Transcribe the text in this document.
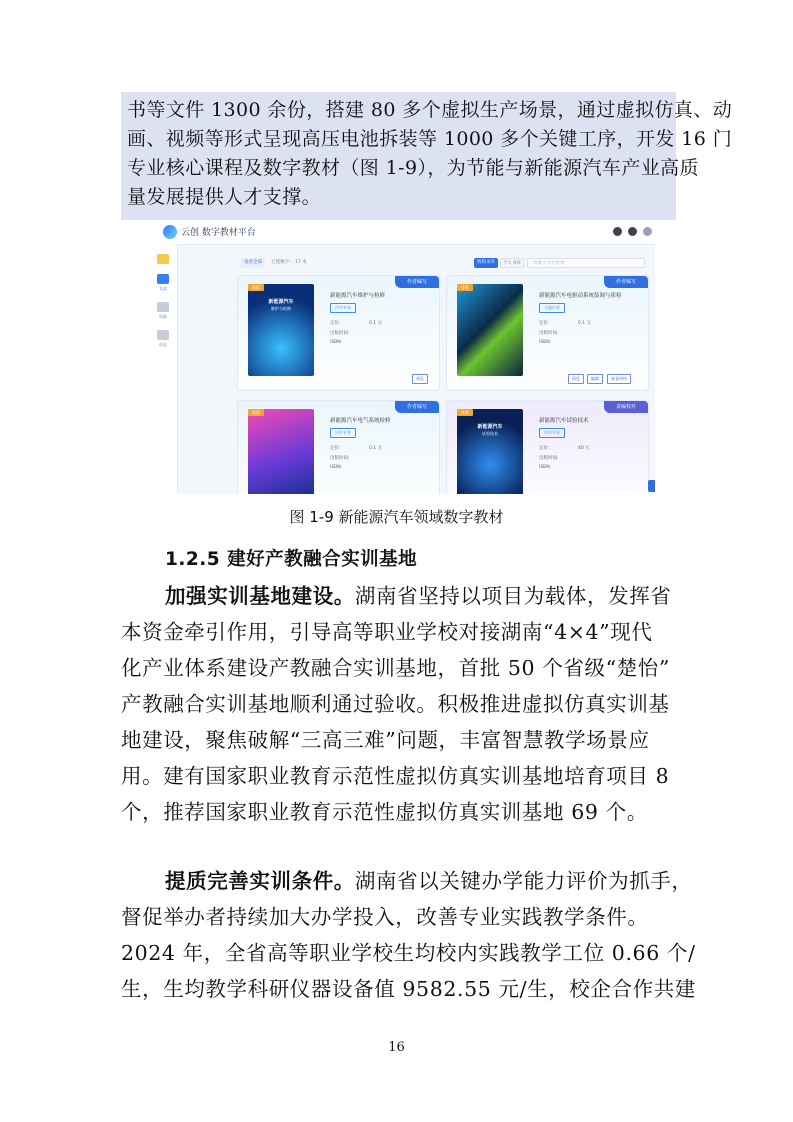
书等文件 1300 余份，搭建 80 多个虚拟生产场景，通过虚拟仿真、动
画、视频等形式呈现高压电池拆装等 1000 多个关键工序，开发 16 门
专业核心课程及数字教材（图 1-9），为节能与新能源汽车产业高质
量发展提供人才支撑。
云创 数字教材平台
书架
资源
动态
查看全部	已选数字： 17 本	机构书库	个人书库	请输入书名检索
作者编写
新能源汽车
维护与检修
排版
新能源汽车维护与检修
评审专家
定价：	0.1 元
出版时间:
ISBN:
预览
作者编写
排版
新能源汽车电驱动系统装调与质检
主编作者
定价：	0.1 元
出版时间:
ISBN:
预览	编辑	查看审核
作者编写
排版
新能源汽车电气系统检修
评审专家
定价：	0.1 元
出版时间:
ISBN:
责编校对
新能源汽车
试验技术
排版
新能源汽车试验技术
评审专家
定价：	40 元
出版时间:
ISBN:
图 1-9 新能源汽车领域数字教材
1.2.5 建好产教融合实训基地
加强实训基地建设。湖南省坚持以项目为载体，发挥省
本资金牵引作用，引导高等职业学校对接湖南“4×4”现代
化产业体系建设产教融合实训基地，首批 50 个省级“楚怡”
产教融合实训基地顺利通过验收。积极推进虚拟仿真实训基
地建设，聚焦破解“三高三难”问题，丰富智慧教学场景应
用。建有国家职业教育示范性虚拟仿真实训基地培育项目 8
个，推荐国家职业教育示范性虚拟仿真实训基地 69 个。
提质完善实训条件。湖南省以关键办学能力评价为抓手，
督促举办者持续加大办学投入，改善专业实践教学条件。
2024 年，全省高等职业学校生均校内实践教学工位 0.66 个/
生，生均教学科研仪器设备值 9582.55 元/生，校企合作共建
16
